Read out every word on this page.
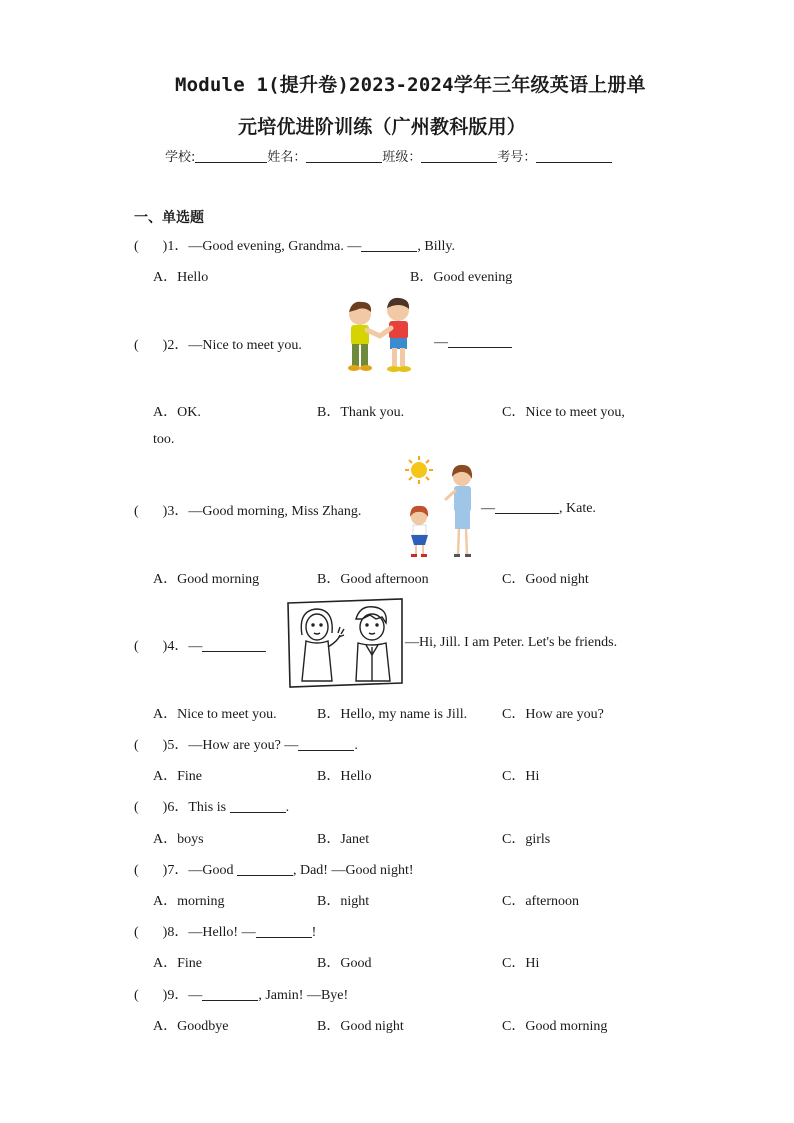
Module 1(提升卷)2023-2024学年三年级英语上册单
元培优进阶训练（广州教科版用）
学校:	姓名：	班级：	考号：
一、单选题
( )1．—Good evening, Grandma. —	, Billy.
A．Hello	B．Good evening
( )2．—Nice to meet you.	—
A．OK.	B．Thank you.	C．Nice to meet you,
too.
( )3．—Good morning, Miss Zhang.	—	, Kate.
A．Good morning	B．Good afternoon	C．Good night
( )4．—	—Hi, Jill. I am Peter. Let's be friends.
A．Nice to meet you.	B．Hello, my name is Jill. C．How are you?
( )5．—How are you? —	.
A．Fine	B．Hello	C．Hi
( )6．This is	.
A．boys	B．Janet	C．girls
( )7．—Good	, Dad! —Good night!
A．morning	B．night	C．afternoon
( )8．—Hello! —	!
A．Fine	B．Good	C．Hi
( )9．—	, Jamin! —Bye!
A．Goodbye	B．Good night	C．Good morning
